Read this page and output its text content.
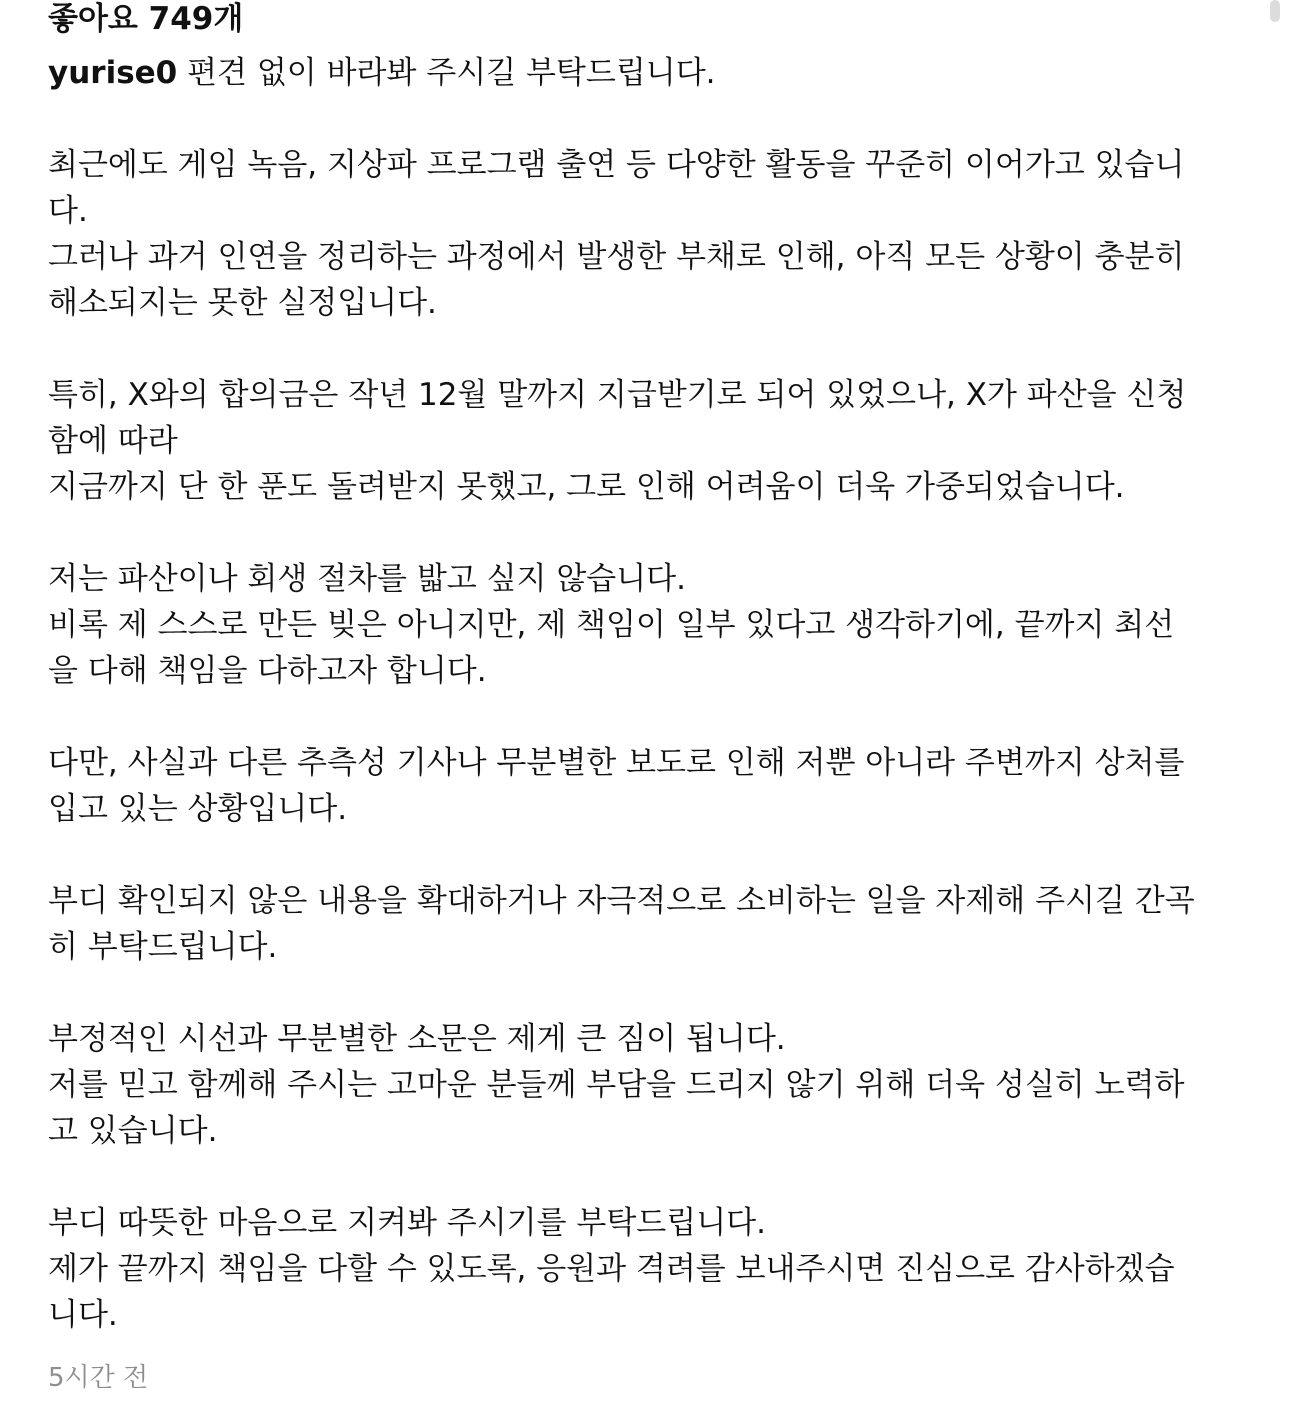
좋아요 749개
yurise0 편견 없이 바라봐 주시길 부탁드립니다.
최근에도 게임 녹음, 지상파 프로그램 출연 등 다양한 활동을 꾸준히 이어가고 있습니
다.
그러나 과거 인연을 정리하는 과정에서 발생한 부채로 인해, 아직 모든 상황이 충분히
해소되지는 못한 실정입니다.
특히, X와의 합의금은 작년 12월 말까지 지급받기로 되어 있었으나, X가 파산을 신청
함에 따라
지금까지 단 한 푼도 돌려받지 못했고, 그로 인해 어려움이 더욱 가중되었습니다.
저는 파산이나 회생 절차를 밟고 싶지 않습니다.
비록 제 스스로 만든 빚은 아니지만, 제 책임이 일부 있다고 생각하기에, 끝까지 최선
을 다해 책임을 다하고자 합니다.
다만, 사실과 다른 추측성 기사나 무분별한 보도로 인해 저뿐 아니라 주변까지 상처를
입고 있는 상황입니다.
부디 확인되지 않은 내용을 확대하거나 자극적으로 소비하는 일을 자제해 주시길 간곡
히 부탁드립니다.
부정적인 시선과 무분별한 소문은 제게 큰 짐이 됩니다.
저를 믿고 함께해 주시는 고마운 분들께 부담을 드리지 않기 위해 더욱 성실히 노력하
고 있습니다.
부디 따뜻한 마음으로 지켜봐 주시기를 부탁드립니다.
제가 끝까지 책임을 다할 수 있도록, 응원과 격려를 보내주시면 진심으로 감사하겠습
니다.
5시간 전
